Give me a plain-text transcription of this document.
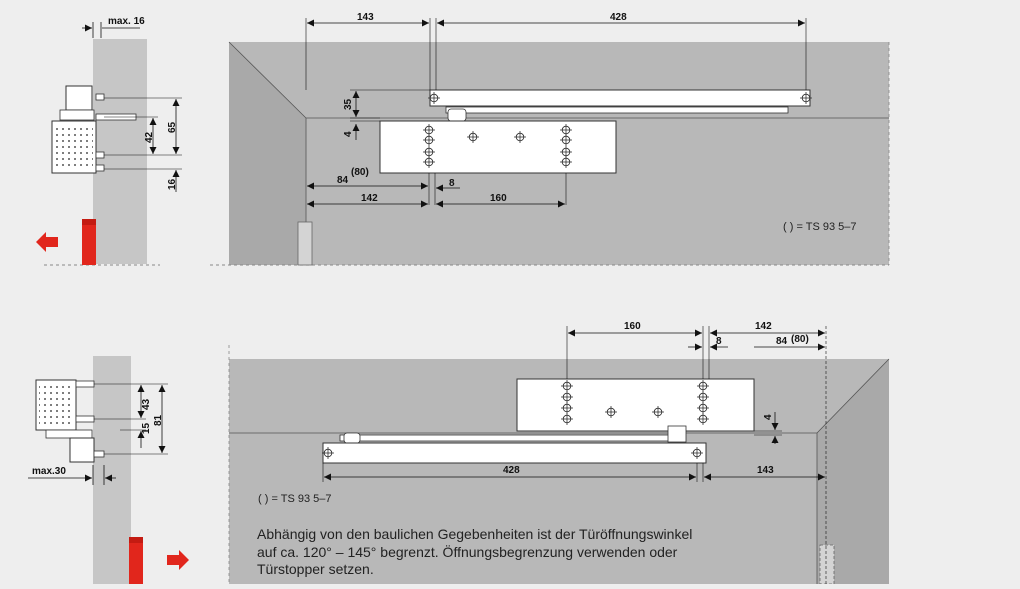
max. 16
65
42
16
143	428
35
4
84
(80)
8
142	160
( ) = TS 93 5–7
43
81
15
max.30
160	142
8	84 (80)
4
428	143
( ) = TS 93 5–7
Abhängig von den baulichen Gegebenheiten ist der Türöffnungswinkel
auf ca. 120° – 145° begrenzt. Öffnungsbegrenzung verwenden oder
Türstopper setzen.
